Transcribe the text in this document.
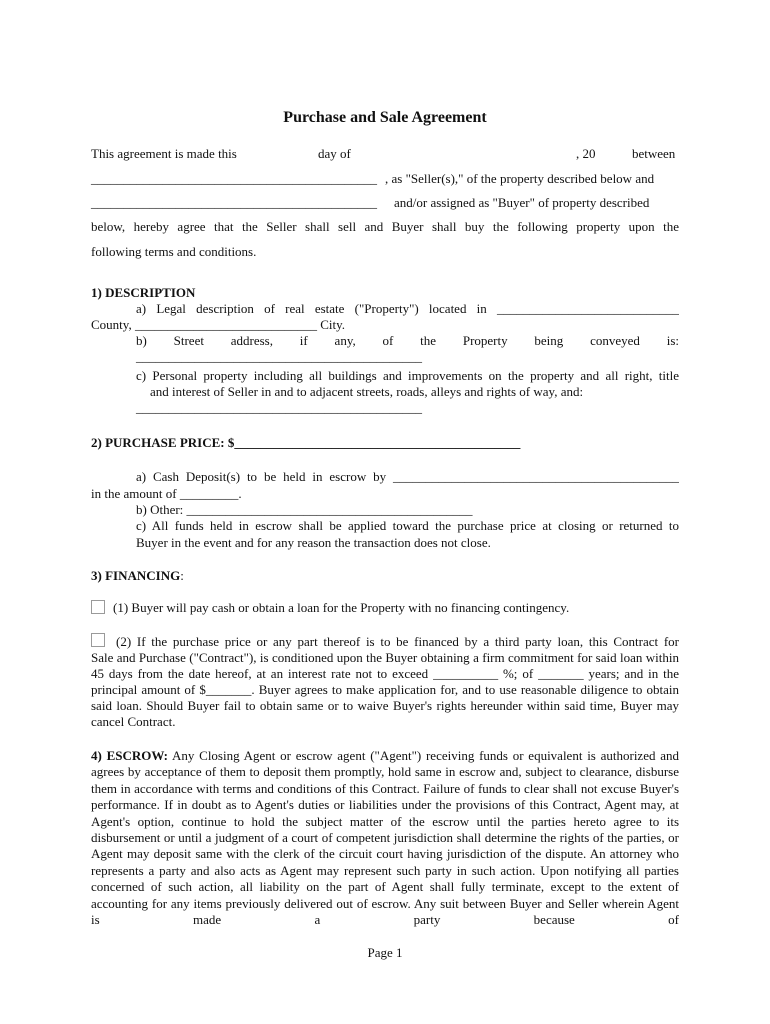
Purchase and Sale Agreement
This agreement is made this	day of	, 20	between
____________________________________________ , as "Seller(s)," of the property described below and
____________________________________________ and/or assigned as "Buyer" of property described
below, hereby agree that the Seller shall sell and Buyer shall buy the following property upon the
following terms and conditions.
1) DESCRIPTION
a) Legal description of real estate ("Property") located in ____________________________
County, ____________________________ City.
b) Street address, if any, of the Property being conveyed is:
____________________________________________
c) Personal property including all buildings and improvements on the property and all right, title
and interest of Seller in and to adjacent streets, roads, alleys and rights of way, and:
____________________________________________
2) PURCHASE PRICE: $____________________________________________
a) Cash Deposit(s) to be held in escrow by ____________________________________________
in the amount of _________.
b) Other: ____________________________________________
c) All funds held in escrow shall be applied toward the purchase price at closing or returned to
Buyer in the event and for any reason the transaction does not close.
3) FINANCING:
(1) Buyer will pay cash or obtain a loan for the Property with no financing contingency.
(2) If the purchase price or any part thereof is to be financed by a third party loan, this Contract for
Sale and Purchase ("Contract"), is conditioned upon the Buyer obtaining a firm commitment for said loan within 45 days from the date hereof, at an interest rate not to exceed __________ %; of _______ years; and in the principal amount of $_______. Buyer agrees to make application for, and to use reasonable diligence to obtain said loan. Should Buyer fail to obtain same or to waive Buyer's rights hereunder within said time, Buyer may cancel Contract.
4) ESCROW: Any Closing Agent or escrow agent ("Agent") receiving funds or equivalent is authorized and agrees by acceptance of them to deposit them promptly, hold same in escrow and, subject to clearance, disburse them in accordance with terms and conditions of this Contract. Failure of funds to clear shall not excuse Buyer's performance. If in doubt as to Agent's duties or liabilities under the provisions of this Contract, Agent may, at Agent's option, continue to hold the subject matter of the escrow until the parties hereto agree to its disbursement or until a judgment of a court of competent jurisdiction shall determine the rights of the parties, or Agent may deposit same with the clerk of the circuit court having jurisdiction of the dispute. An attorney who represents a party and also acts as Agent may represent such party in such action. Upon notifying all parties concerned of such action, all liability on the part of Agent shall fully terminate, except to the extent of accounting for any items previously delivered out of escrow. Any suit between Buyer and Seller wherein Agent is made a party because of
Page 1
